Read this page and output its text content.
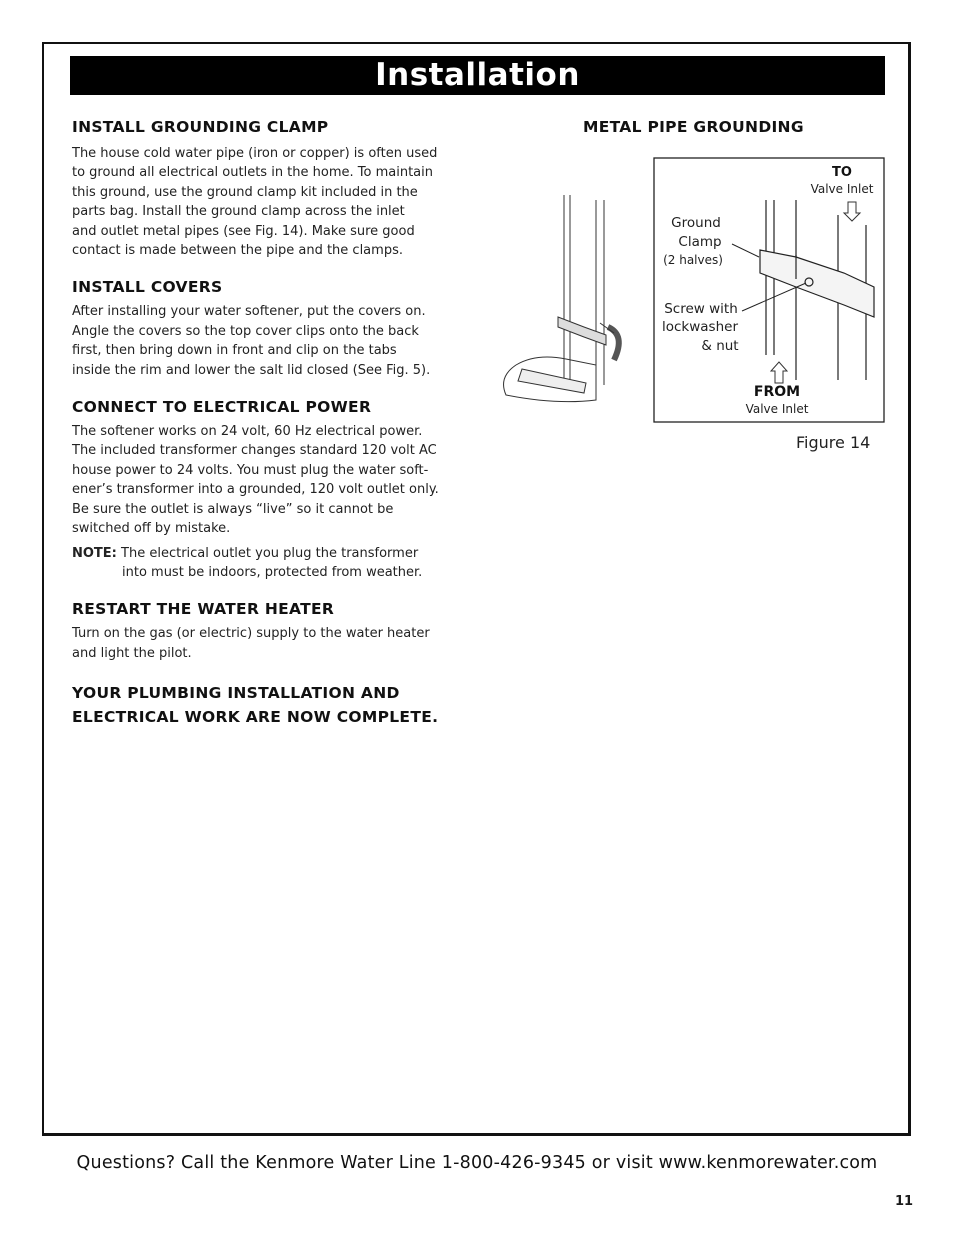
Installation
INSTALL GROUNDING CLAMP

The house cold water pipe (iron or copper) is often used
to ground all electrical outlets in the home. To maintain
this ground, use the ground clamp kit included in the
parts bag. Install the ground clamp across the inlet
and outlet metal pipes (see Fig. 14). Make sure good
contact is made between the pipe and the clamps.

INSTALL COVERS

After installing your water softener, put the covers on.
Angle the covers so the top cover clips onto the back
first, then bring down in front and clip on the tabs
inside the rim and lower the salt lid closed (See Fig. 5).

CONNECT TO ELECTRICAL POWER

The softener works on 24 volt, 60 Hz electrical power.
The included transformer changes standard 120 volt AC
house power to 24 volts. You must plug the water soft-
ener’s transformer into a grounded, 120 volt outlet only.
Be sure the outlet is always “live” so it cannot be
switched off by mistake.

NOTE: The electrical outlet you plug the transformer
into must be indoors, protected from weather.
RESTART THE WATER HEATER

Turn on the gas (or electric) supply to the water heater
and light the pilot.

YOUR PLUMBING INSTALLATION AND
ELECTRICAL WORK ARE NOW COMPLETE.
METAL PIPE GROUNDING
TO
Valve Inlet
Ground
Clamp
(2 halves)
Screw with
lockwasher
& nut
FROM
Valve Inlet
Figure 14
Questions? Call the Kenmore Water Line 1-800-426-9345 or visit www.kenmorewater.com
11
